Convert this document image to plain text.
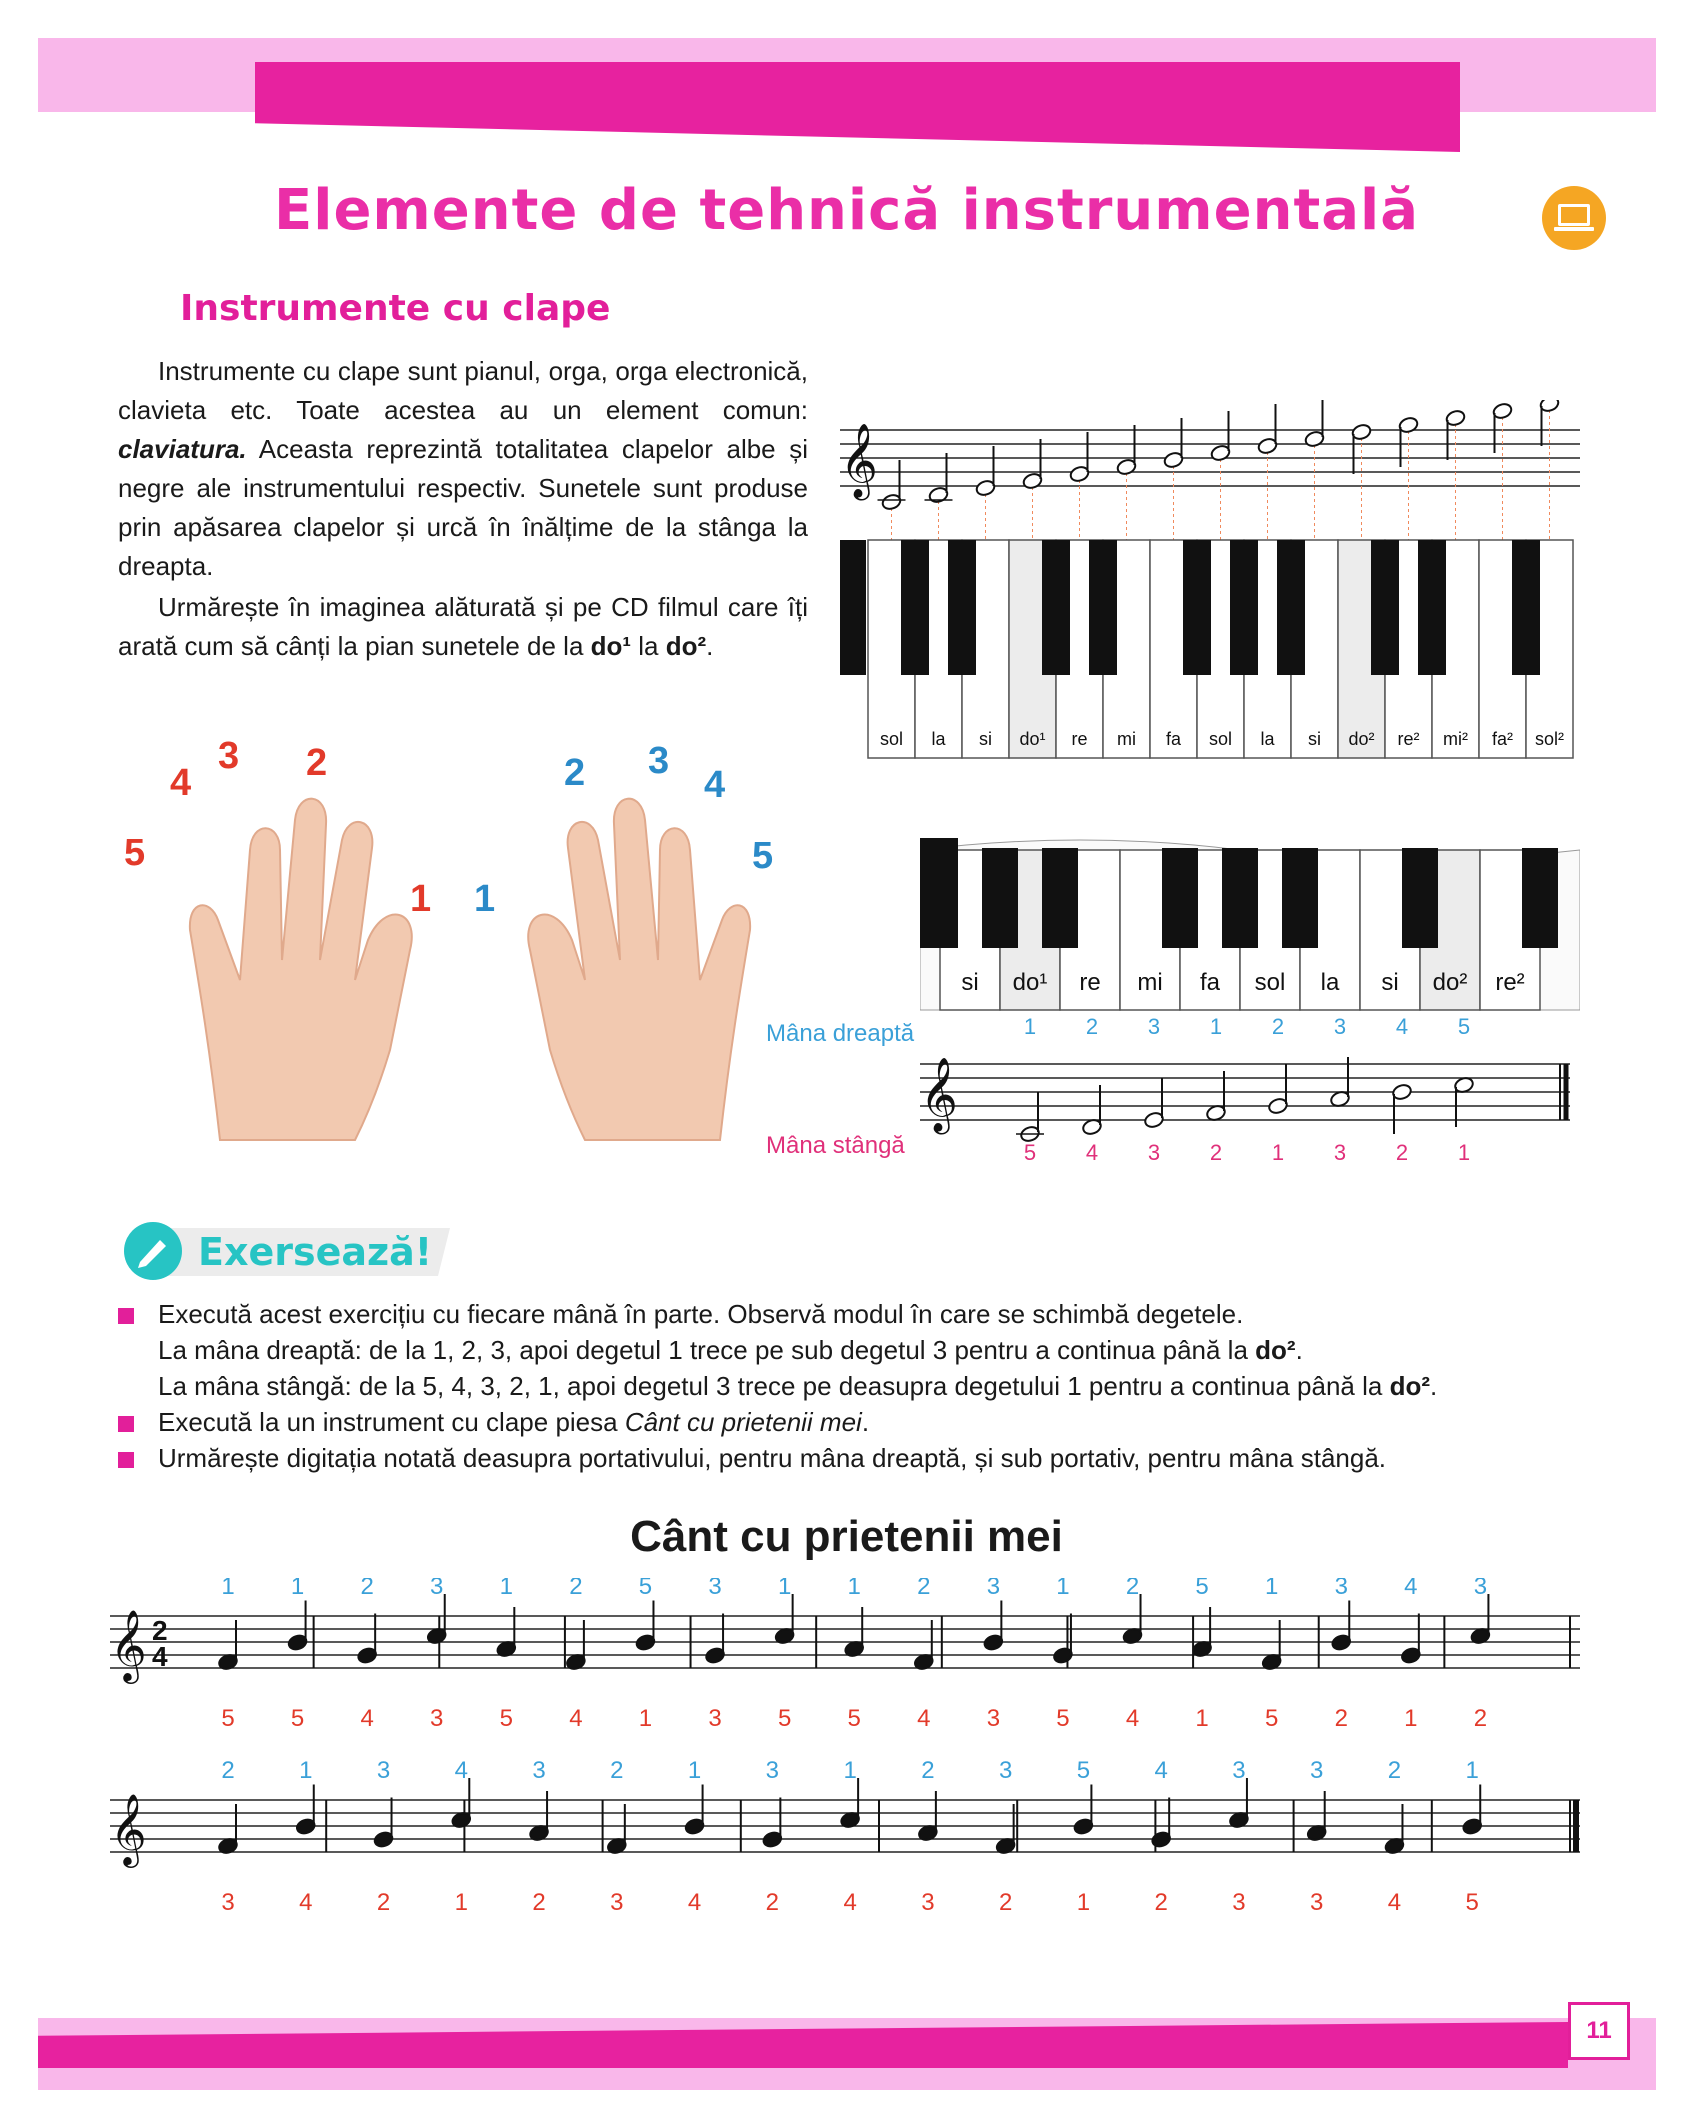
Elemente de tehnică instrumentală
Instrumente cu clape

Instrumente cu clape sunt pianul, orga, orga electronică, clavieta etc. Toate acestea au un element comun: claviatura. Aceasta reprezintă totalitatea clapelor albe și negre ale instrumentului respectiv. Sunetele sunt produse prin apăsarea clapelor și urcă în înălțime de la stânga la dreapta.

Urmărește în imaginea alăturată și pe CD filmul care îți arată cum să cânți la pian sunetele de la do¹ la do².

𝄞
sol la si do¹ re mi fa sol la si do² re² mi² fa² sol²
5
4
3 2
1 1
2 3
4
5
si do¹ re mi fa sol la si do² re²
Mâna dreaptă
Mâna stângă
𝄞
1
5
2
4
3
3
1
2
2
1
3
3
4
2
5
1
Exersează!
Execută acest exercițiu cu fiecare mână în parte. Observă modul în care se schimbă degetele.
La mâna dreaptă: de la 1, 2, 3, apoi degetul 1 trece pe sub degetul 3 pentru a continua până la do².
La mâna stângă: de la 5, 4, 3, 2, 1, apoi degetul 3 trece pe deasupra degetului 1 pentru a continua până la do².
Execută la un instrument cu clape piesa Cânt cu prietenii mei.
Urmărește digitația notată deasupra portativului, pentru mâna dreaptă, și sub portativ, pentru mâna stângă.
Cânt cu prietenii mei
𝄞 2
4
1
5
1
5
2
4
3
3
1
5
2
4
5
1
3
3
1
5
1
5
2
4
3
3
1
5
2
4
5
1
1
5
3
2
4
1
3
2
𝄞
2
3
1
4
3
2
4
1
3
2
2
3
1
4
3
2
1
4
2
3
3
2
5
1
4
2
3
3
3
3
2
4
1
5
11
